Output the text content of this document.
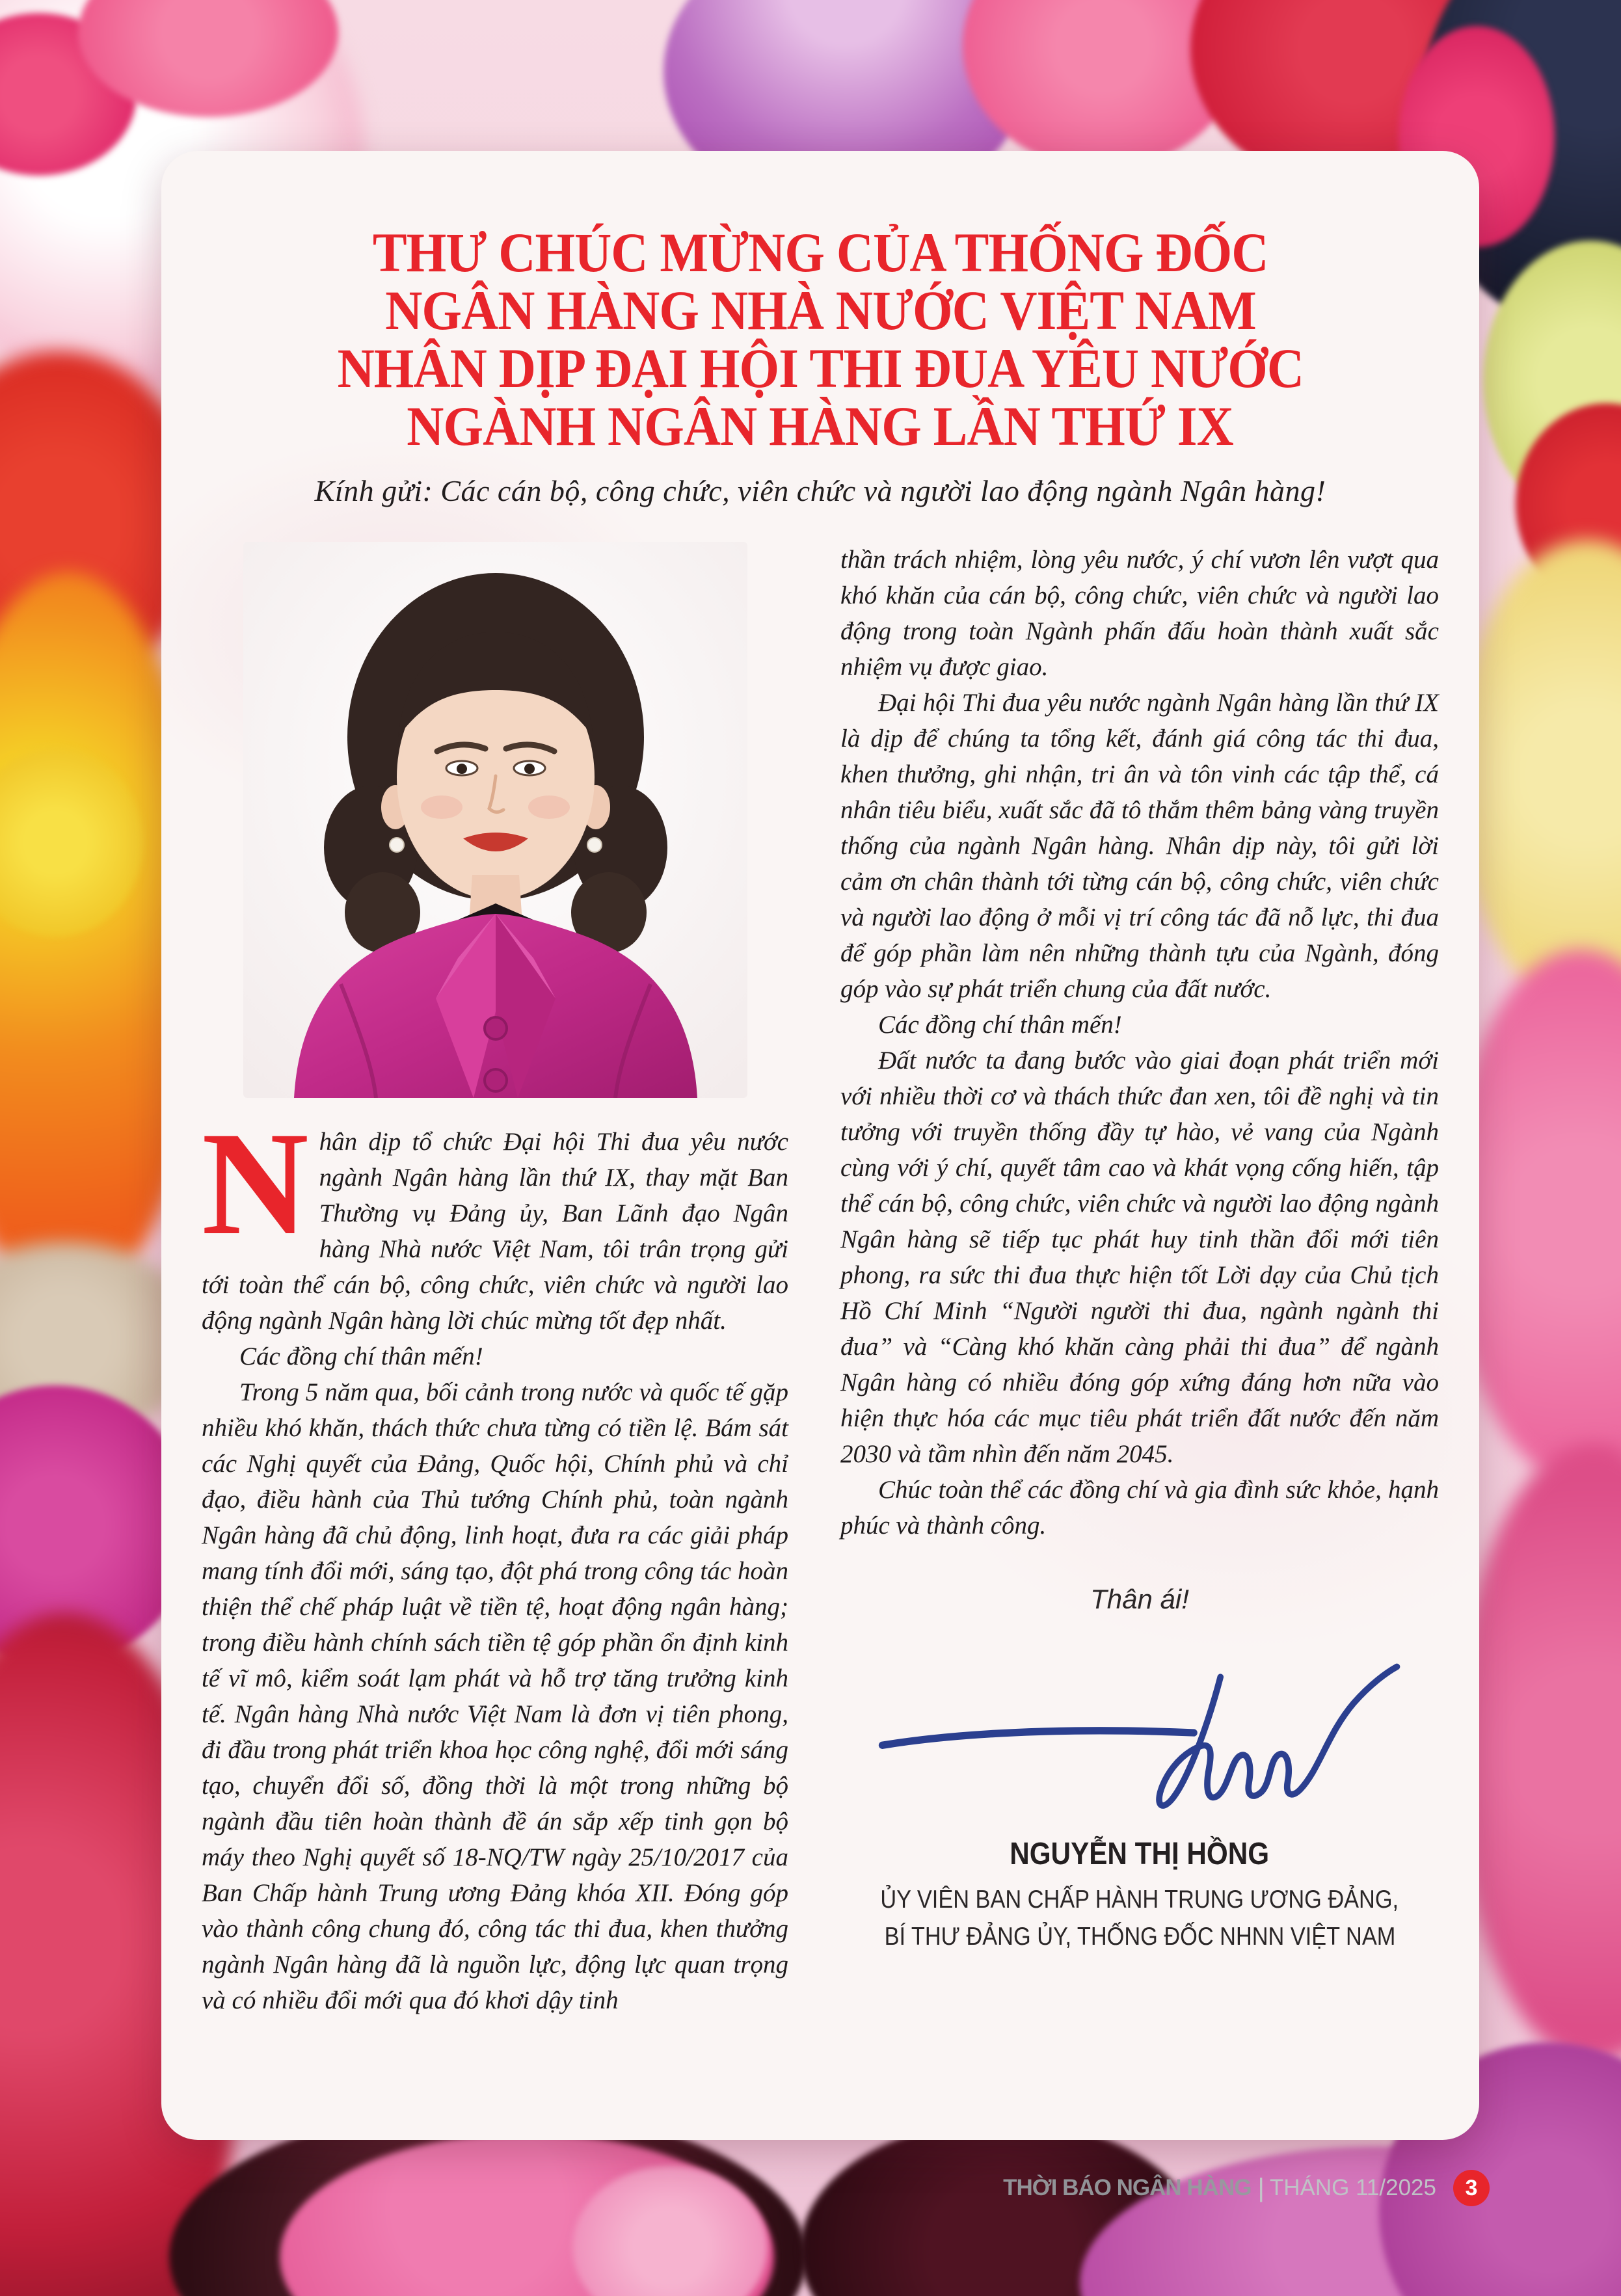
THƯ CHÚC MỪNG CỦA THỐNG ĐỐC
NGÂN HÀNG NHÀ NƯỚC VIỆT NAM
NHÂN DỊP ĐẠI HỘI THI ĐUA YÊU NƯỚC
NGÀNH NGÂN HÀNG LẦN THỨ IX
Kính gửi: Các cán bộ, công chức, viên chức và người lao động ngành Ngân hàng!

Nhân dịp tổ chức Đại hội Thi đua yêu nước ngành Ngân hàng lần thứ IX, thay mặt Ban Thường vụ Đảng ủy, Ban Lãnh đạo Ngân hàng Nhà nước Việt Nam, tôi trân trọng gửi tới toàn thể cán bộ, công chức, viên chức và người lao động ngành Ngân hàng lời chúc mừng tốt đẹp nhất.

Các đồng chí thân mến!

Trong 5 năm qua, bối cảnh trong nước và quốc tế gặp nhiều khó khăn, thách thức chưa từng có tiền lệ. Bám sát các Nghị quyết của Đảng, Quốc hội, Chính phủ và chỉ đạo, điều hành của Thủ tướng Chính phủ, toàn ngành Ngân hàng đã chủ động, linh hoạt, đưa ra các giải pháp mang tính đổi mới, sáng tạo, đột phá trong công tác hoàn thiện thể chế pháp luật về tiền tệ, hoạt động ngân hàng; trong điều hành chính sách tiền tệ góp phần ổn định kinh tế vĩ mô, kiểm soát lạm phát và hỗ trợ tăng trưởng kinh tế. Ngân hàng Nhà nước Việt Nam là đơn vị tiên phong, đi đầu trong phát triển khoa học công nghệ, đổi mới sáng tạo, chuyển đổi số, đồng thời là một trong những bộ ngành đầu tiên hoàn thành đề án sắp xếp tinh gọn bộ máy theo Nghị quyết số 18-NQ/TW ngày 25/10/2017 của Ban Chấp hành Trung ương Đảng khóa XII. Đóng góp vào thành công chung đó, công tác thi đua, khen thưởng ngành Ngân hàng đã là nguồn lực, động lực quan trọng và có nhiều đổi mới qua đó khơi dậy tinh

thần trách nhiệm, lòng yêu nước, ý chí vươn lên vượt qua khó khăn của cán bộ, công chức, viên chức và người lao động trong toàn Ngành phấn đấu hoàn thành xuất sắc nhiệm vụ được giao.

Đại hội Thi đua yêu nước ngành Ngân hàng lần thứ IX là dịp để chúng ta tổng kết, đánh giá công tác thi đua, khen thưởng, ghi nhận, tri ân và tôn vinh các tập thể, cá nhân tiêu biểu, xuất sắc đã tô thắm thêm bảng vàng truyền thống của ngành Ngân hàng. Nhân dịp này, tôi gửi lời cảm ơn chân thành tới từng cán bộ, công chức, viên chức và người lao động ở mỗi vị trí công tác đã nỗ lực, thi đua để góp phần làm nên những thành tựu của Ngành, đóng góp vào sự phát triển chung của đất nước.

Các đồng chí thân mến!

Đất nước ta đang bước vào giai đoạn phát triển mới với nhiều thời cơ và thách thức đan xen, tôi đề nghị và tin tưởng với truyền thống đầy tự hào, vẻ vang của Ngành cùng với ý chí, quyết tâm cao và khát vọng cống hiến, tập thể cán bộ, công chức, viên chức và người lao động ngành Ngân hàng sẽ tiếp tục phát huy tinh thần đổi mới tiên phong, ra sức thi đua thực hiện tốt Lời dạy của Chủ tịch Hồ Chí Minh “Người người thi đua, ngành ngành thi đua” và “Càng khó khăn càng phải thi đua” để ngành Ngân hàng có nhiều đóng góp xứng đáng hơn nữa vào hiện thực hóa các mục tiêu phát triển đất nước đến năm 2030 và tầm nhìn đến năm 2045.

Chúc toàn thể các đồng chí và gia đình sức khỏe, hạnh phúc và thành công.

Thân ái!
NGUYỄN THỊ HỒNG
ỦY VIÊN BAN CHẤP HÀNH TRUNG ƯƠNG ĐẢNG,
BÍ THƯ ĐẢNG ỦY, THỐNG ĐỐC NHNN VIỆT NAM
THỜI BÁO NGÂN HÀNG | THÁNG 11/2025	3
